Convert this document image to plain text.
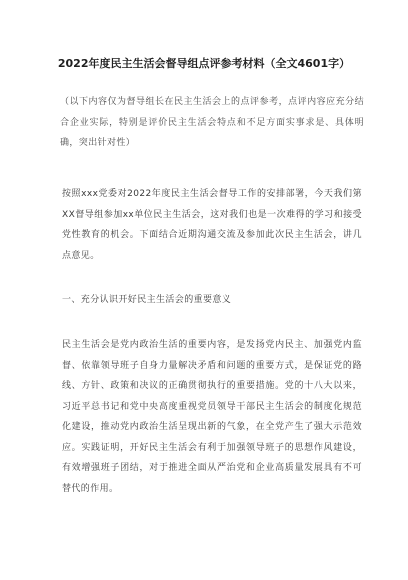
2022年度民主生活会督导组点评参考材料（全文4601字）

（以下内容仅为督导组长在民主生活会上的点评参考，点评内容应充分结合企业实际，特别是评价民主生活会特点和不足方面实事求是、具体明确，突出针对性）

按照xxx党委对2022年度民主生活会督导工作的安排部署，今天我们第XX督导组参加xx单位民主生活会，这对我们也是一次难得的学习和接受党性教育的机会。下面结合近期沟通交流及参加此次民主生活会，讲几点意见。

一、充分认识开好民主生活会的重要意义

民主生活会是党内政治生活的重要内容，是发扬党内民主、加强党内监督、依靠领导班子自身力量解决矛盾和问题的重要方式，是保证党的路线、方针、政策和决议的正确贯彻执行的重要措施。党的十八大以来，习近平总书记和党中央高度重视党员领导干部民主生活会的制度化规范化建设，推动党内政治生活呈现出新的气象，在全党产生了强大示范效应。实践证明，开好民主生活会有利于加强领导班子的思想作风建设，有效增强班子团结，对于推进全面从严治党和企业高质量发展具有不可替代的作用。
